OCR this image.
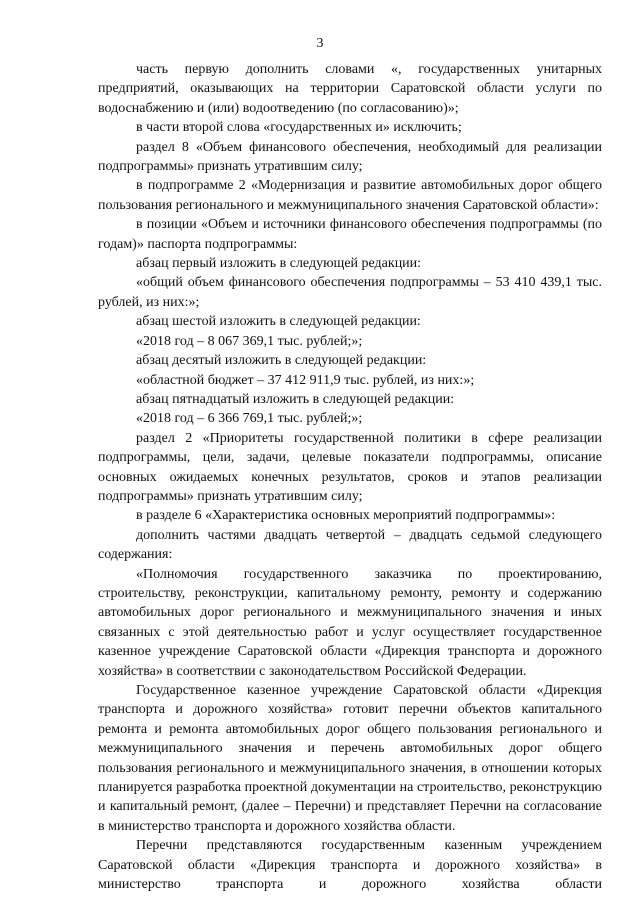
3

часть первую дополнить словами «, государственных унитарных предприятий, оказывающих на территории Саратовской области услуги по водоснабжению и (или) водоотведению (по согласованию)»;

в части второй слова «государственных и» исключить;

раздел 8 «Объем финансового обеспечения, необходимый для реализации подпрограммы» признать утратившим силу;

в подпрограмме 2 «Модернизация и развитие автомобильных дорог общего пользования регионального и межмуниципального значения Саратовской области»:

в позиции «Объем и источники финансового обеспечения подпрограммы (по годам)» паспорта подпрограммы:

абзац первый изложить в следующей редакции:

«общий объем финансового обеспечения подпрограммы – 53 410 439,1 тыс. рублей, из них:»;

абзац шестой изложить в следующей редакции:

«2018 год – 8 067 369,1 тыс. рублей;»;

абзац десятый изложить в следующей редакции:

«областной бюджет – 37 412 911,9 тыс. рублей, из них:»;

абзац пятнадцатый изложить в следующей редакции:

«2018 год – 6 366 769,1 тыс. рублей;»;

раздел 2 «Приоритеты государственной политики в сфере реализации подпрограммы, цели, задачи, целевые показатели подпрограммы, описание основных ожидаемых конечных результатов, сроков и этапов реализации подпрограммы» признать утратившим силу;

в разделе 6 «Характеристика основных мероприятий подпрограммы»:

дополнить частями двадцать четвертой – двадцать седьмой следующего содержания:

«Полномочия государственного заказчика по проектированию, строительству, реконструкции, капитальному ремонту, ремонту и содержанию автомобильных дорог регионального и межмуниципального значения и иных связанных с этой деятельностью работ и услуг осуществляет государственное казенное учреждение Саратовской области «Дирекция транспорта и дорожного хозяйства» в соответствии с законодательством Российской Федерации.

Государственное казенное учреждение Саратовской области «Дирекция транспорта и дорожного хозяйства» готовит перечни объектов капитального ремонта и ремонта автомобильных дорог общего пользования регионального и межмуниципального значения и перечень автомобильных дорог общего пользования регионального и межмуниципального значения, в отношении которых планируется разработка проектной документации на строительство, реконструкцию и капитальный ремонт, (далее – Перечни) и представляет Перечни на согласование в министерство транспорта и дорожного хозяйства области.

Перечни представляются государственным казенным учреждением Саратовской области «Дирекция транспорта и дорожного хозяйства» в министерство транспорта и дорожного хозяйства области
